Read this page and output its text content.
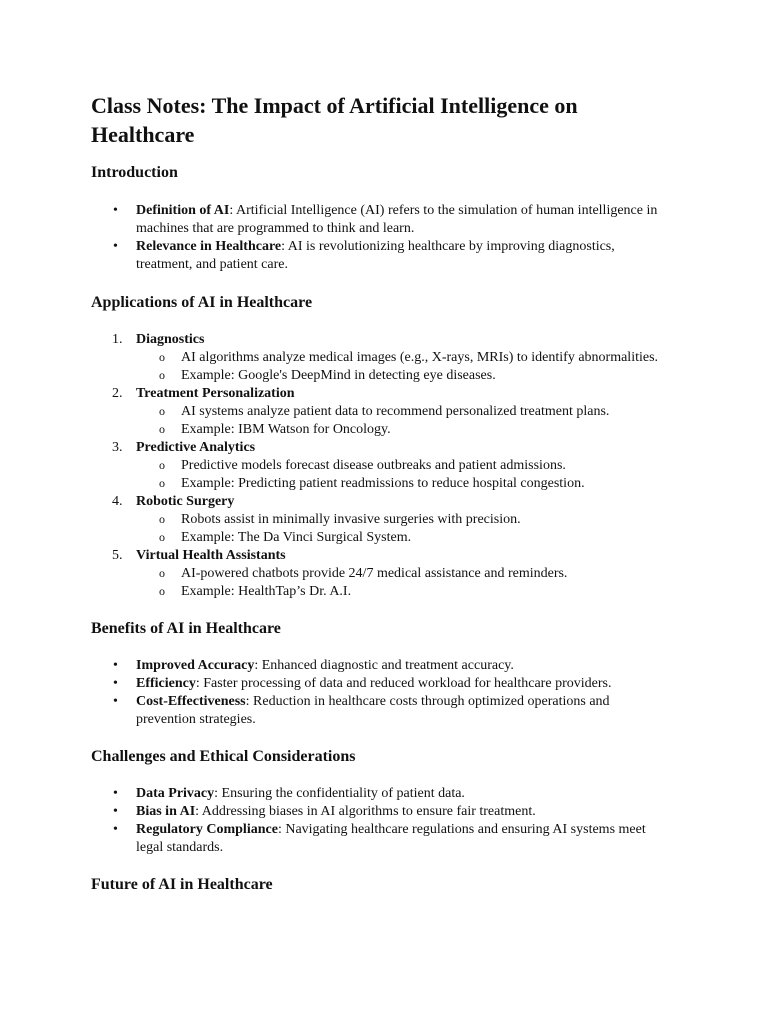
Class Notes: The Impact of Artificial Intelligence on Healthcare
Introduction
• Definition of AI: Artificial Intelligence (AI) refers to the simulation of human intelligence in machines that are programmed to think and learn.
• Relevance in Healthcare: AI is revolutionizing healthcare by improving diagnostics, treatment, and patient care.
Applications of AI in Healthcare
1. Diagnostics
o AI algorithms analyze medical images (e.g., X-rays, MRIs) to identify abnormalities.
o Example: Google's DeepMind in detecting eye diseases.
2. Treatment Personalization
o AI systems analyze patient data to recommend personalized treatment plans.
o Example: IBM Watson for Oncology.
3. Predictive Analytics
o Predictive models forecast disease outbreaks and patient admissions.
o Example: Predicting patient readmissions to reduce hospital congestion.
4. Robotic Surgery
o Robots assist in minimally invasive surgeries with precision.
o Example: The Da Vinci Surgical System.
5. Virtual Health Assistants
o AI-powered chatbots provide 24/7 medical assistance and reminders.
o Example: HealthTap’s Dr. A.I.
Benefits of AI in Healthcare
• Improved Accuracy: Enhanced diagnostic and treatment accuracy.
• Efficiency: Faster processing of data and reduced workload for healthcare providers.
• Cost-Effectiveness: Reduction in healthcare costs through optimized operations and prevention strategies.
Challenges and Ethical Considerations
• Data Privacy: Ensuring the confidentiality of patient data.
• Bias in AI: Addressing biases in AI algorithms to ensure fair treatment.
• Regulatory Compliance: Navigating healthcare regulations and ensuring AI systems meet legal standards.
Future of AI in Healthcare
